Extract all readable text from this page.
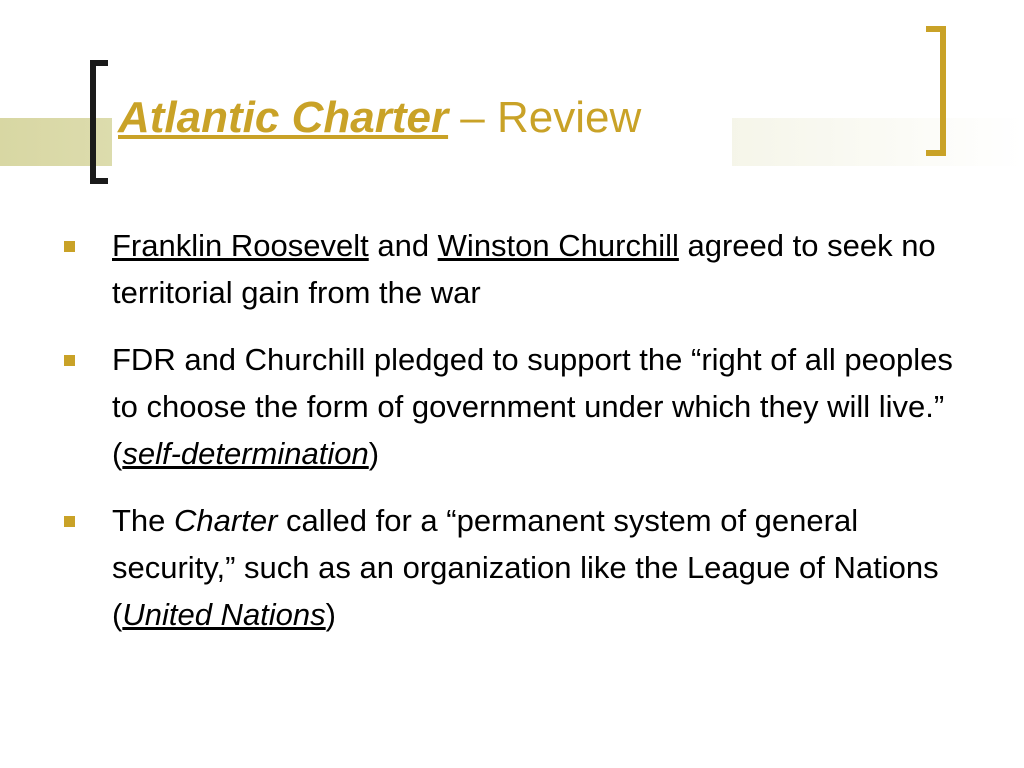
Atlantic Charter – Review
Franklin Roosevelt and Winston Churchill agreed to seek no territorial gain from the war
FDR and Churchill pledged to support the “right of all peoples to choose the form of government under which they will live.” (self-determination)
The Charter called for a “permanent system of general security,” such as an organization like the League of Nations (United Nations)
